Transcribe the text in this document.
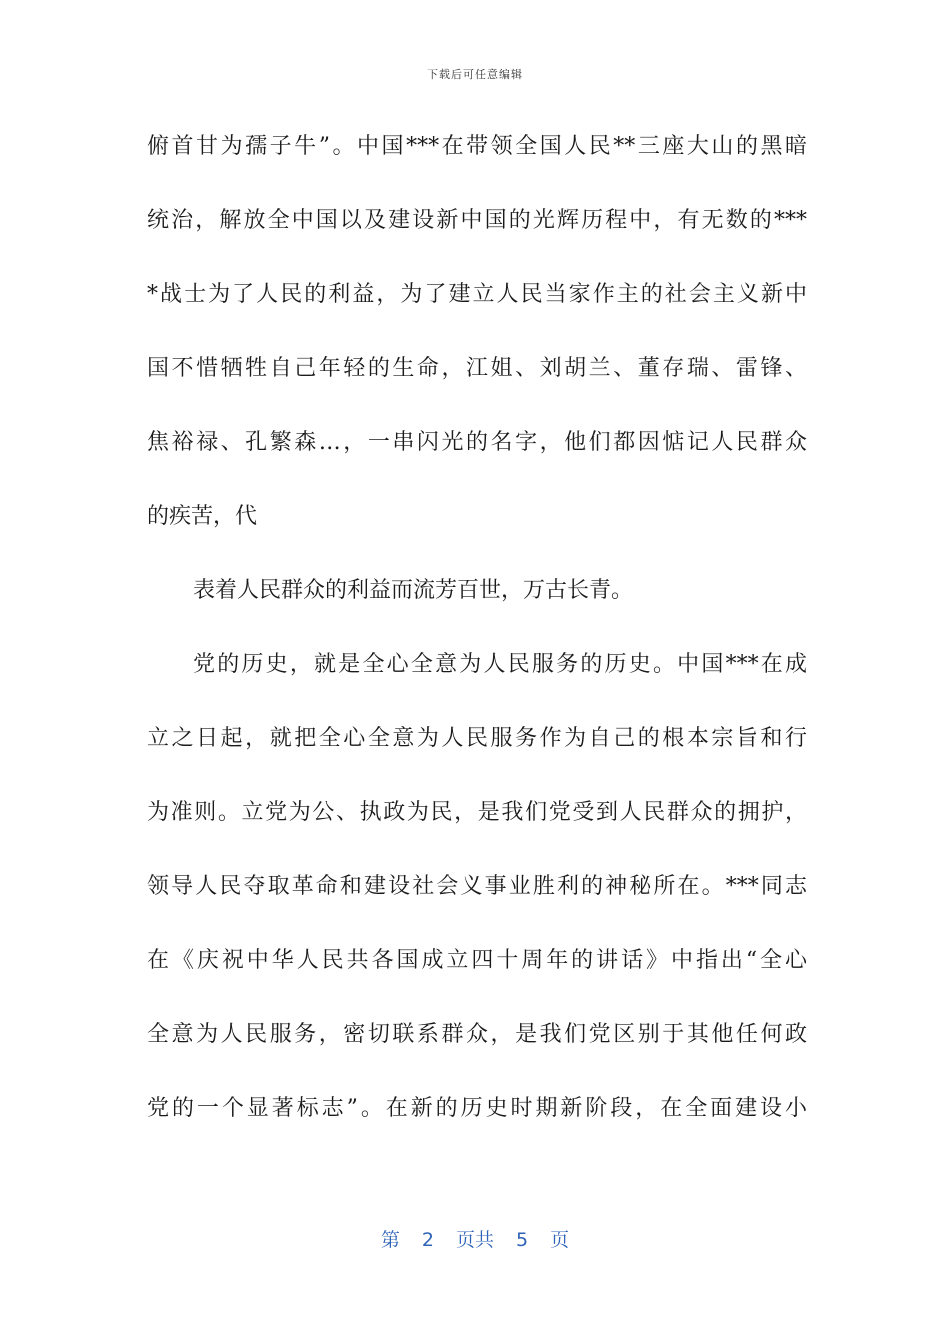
下载后可任意编辑
俯首甘为孺子牛”。中国***在带领全国人民**三座大山的黑暗
统治，解放全中国以及建设新中国的光辉历程中，有无数的***
*战士为了人民的利益，为了建立人民当家作主的社会主义新中
国不惜牺牲自己年轻的生命，江姐、刘胡兰、董存瑞、雷锋、
焦裕禄、孔繁森…，一串闪光的名字，他们都因惦记人民群众
的疾苦，代
表着人民群众的利益而流芳百世，万古长青。
党的历史，就是全心全意为人民服务的历史。中国***在成
立之日起，就把全心全意为人民服务作为自己的根本宗旨和行
为准则。立党为公、执政为民，是我们党受到人民群众的拥护，
领导人民夺取革命和建设社会义事业胜利的神秘所在。***同志
在《庆祝中华人民共各国成立四十周年的讲话》中指出“全心
全意为人民服务，密切联系群众，是我们党区别于其他任何政
党的一个显著标志”。在新的历史时期新阶段，在全面建设小
第 2 页共 5 页
